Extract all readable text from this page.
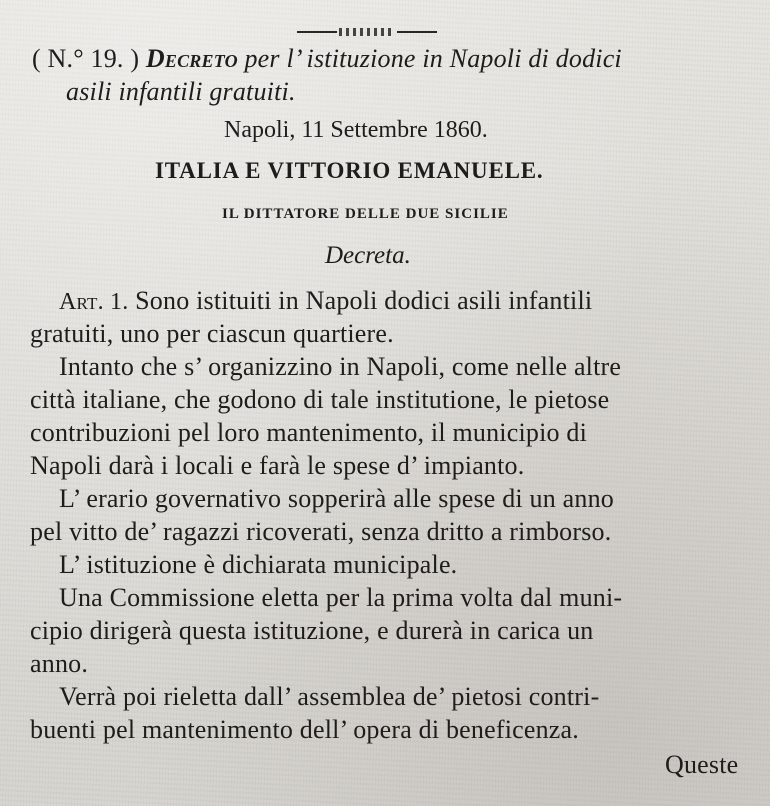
( N.° 19. ) Decreto per l’ istituzione in Napoli di dodici
asili infantili gratuiti.
Napoli, 11 Settembre 1860.
ITALIA E VITTORIO EMANUELE.
IL DITTATORE DELLE DUE SICILIE
Decreta.
Art. 1. Sono istituiti in Napoli dodici asili infantili
gratuiti, uno per ciascun quartiere.
Intanto che s’ organizzino in Napoli, come nelle altre
città italiane, che godono di tale institutione, le pietose
contribuzioni pel loro mantenimento, il municipio di
Napoli darà i locali e farà le spese d’ impianto.
L’ erario governativo sopperirà alle spese di un anno
pel vitto de’ ragazzi ricoverati, senza dritto a rimborso.
L’ istituzione è dichiarata municipale.
Una Commissione eletta per la prima volta dal muni-
cipio dirigerà questa istituzione, e durerà in carica un
anno.
Verrà poi rieletta dall’ assemblea de’ pietosi contri-
buenti pel mantenimento dell’ opera di beneficenza.
Queste
